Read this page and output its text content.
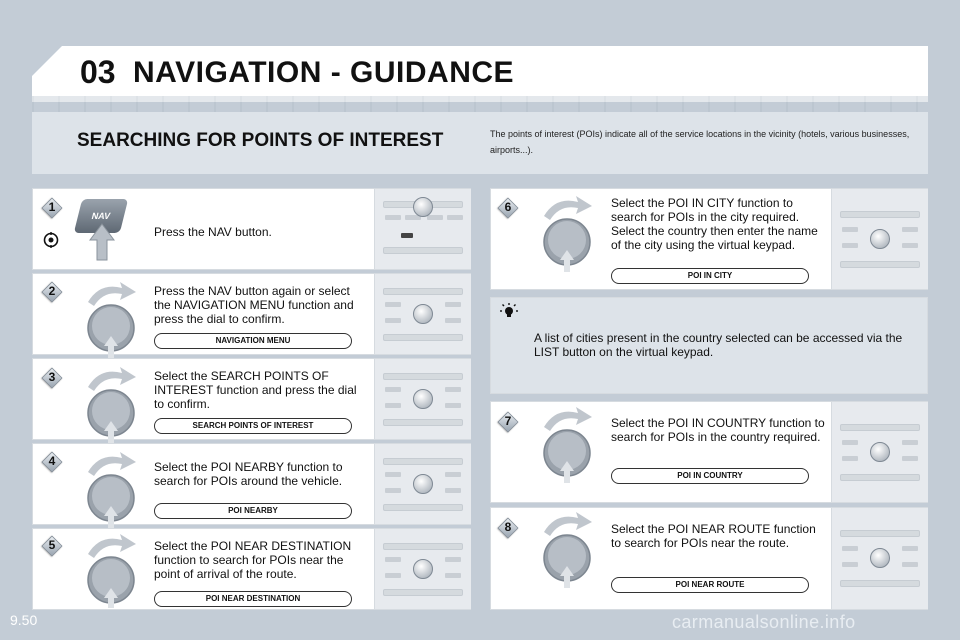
03 NAVIGATION - GUIDANCE
SEARCHING FOR POINTS OF INTEREST	The points of interest (POIs) indicate all of the service locations in the vicinity (hotels, various businesses, airports...).
Press the NAV button.
1
NAV
Press the NAV button again or select the NAVIGATION MENU function and press the dial to confirm.
NAVIGATION MENU
Select the SEARCH POINTS OF INTEREST function and press the dial to confirm.
SEARCH POINTS OF INTEREST
Select the POI NEARBY function to search for POIs around the vehicle.
POI NEARBY
Select the POI NEAR DESTINATION function to search for POIs near the point of arrival of the route.
POI NEAR DESTINATION
2
3
4
5
Select the POI IN CITY function to search for POIs in the city required. Select the country then enter the name of the city using the virtual keypad.
POI IN CITY
6
A list of cities present in the country selected can be accessed via the LIST button on the virtual keypad.
Select the POI IN COUNTRY function to search for POIs in the country required.
POI IN COUNTRY
7
Select the POI NEAR ROUTE function to search for POIs near the route.
POI NEAR ROUTE
8
9.50	carmanualsonline.info
